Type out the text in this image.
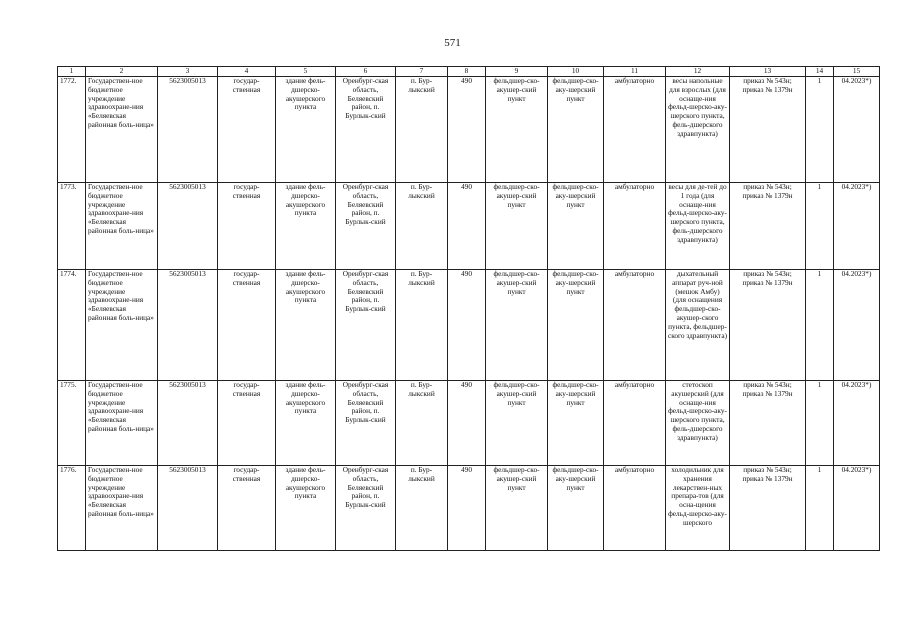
571
1	2	3	4	5	6	7	8	9	10	11	12	13	14	15
1772.	Государствен-ное бюджетное учреждение здравоохране-ния «Беляевская районная боль-ница»	5623005013	государ-ственная	здание фель-дшерско-акушерского пункта	Оренбург-ская область, Беляевский район, п. Бурлык-ский	п. Бур-лыкский	490	фельдшер-ско-акушер-ский пункт	фельдшер-ско-аку-шерский пункт	амбулаторно	весы напольные для взрослых (для оснаще-ния фельд-шерско-аку-шерского пункта, фель-дшерского здравпункта)	приказ № 543н; приказ № 1379н	1	04.2023*)
1773.	Государствен-ное бюджетное учреждение здравоохране-ния «Беляевская районная боль-ница»	5623005013	государ-ственная	здание фель-дшерско-акушерского пункта	Оренбург-ская область, Беляевский район, п. Бурлык-ский	п. Бур-лыкский	490	фельдшер-ско-акушер-ский пункт	фельдшер-ско-аку-шерский пункт	амбулаторно	весы для де-тей до 1 года (для оснаще-ния фельд-шерско-аку-шерского пункта, фель-дшерского здравпункта)	приказ № 543н; приказ № 1379н	1	04.2023*)
1774.	Государствен-ное бюджетное учреждение здравоохране-ния «Беляевская районная боль-ница»	5623005013	государ-ственная	здание фель-дшерско-акушерского пункта	Оренбург-ская область, Беляевский район, п. Бурлык-ский	п. Бур-лыкский	490	фельдшер-ско-акушер-ский пункт	фельдшер-ско-аку-шерский пункт	амбулаторно	дыхательный аппарат руч-ной (мешок Амбу) (для оснащения фельдшер-ско-акушер-ского пункта, фельдшер-ского здравпункта)	приказ № 543н; приказ № 1379н	1	04.2023*)
1775.	Государствен-ное бюджетное учреждение здравоохране-ния «Беляевская районная боль-ница»	5623005013	государ-ственная	здание фель-дшерско-акушерского пункта	Оренбург-ская область, Беляевский район, п. Бурлык-ский	п. Бур-лыкский	490	фельдшер-ско-акушер-ский пункт	фельдшер-ско-аку-шерский пункт	амбулаторно	стетоскоп акушерский (для оснаще-ния фельд-шерско-аку-шерского пункта, фель-дшерского здравпункта)	приказ № 543н; приказ № 1379н	1	04.2023*)
1776.	Государствен-ное бюджетное учреждение здравоохране-ния «Беляевская районная боль-ница»	5623005013	государ-ственная	здание фель-дшерско-акушерского пункта	Оренбург-ская область, Беляевский район, п. Бурлык-ский	п. Бур-лыкский	490	фельдшер-ско-акушер-ский пункт	фельдшер-ско-аку-шерский пункт	амбулаторно	холодильник для хранения лекарствен-ных препара-тов (для осна-щения фельд-шерско-аку-шерского	приказ № 543н; приказ № 1379н	1	04.2023*)
